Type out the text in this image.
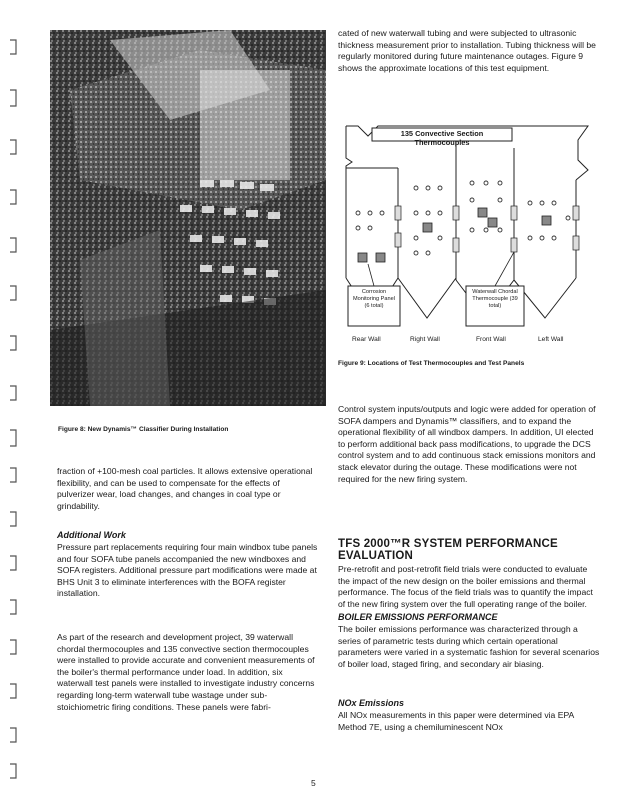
Figure 8: New Dynamis™ Classifier During Installation

fraction of +100-mesh coal particles. It allows extensive operational flexibility, and can be used to compensate for the effects of pulverizer wear, load changes, and changes in coal type or grindability.

Additional Work

Pressure part replacements requiring four main windbox tube panels and four SOFA tube panels accompanied the new windboxes and SOFA registers. Additional pressure part modifications were made at BHS Unit 3 to eliminate interferences with the BOFA register installation.

As part of the research and development project, 39 waterwall chordal thermocouples and 135 convective section thermocouples were installed to provide accurate and convenient measurements of the boiler's thermal performance under load. In addition, six waterwall test panels were installed to investigate industry concerns regarding long-term waterwall tube wastage under sub-stoichiometric firing conditions. These panels were fabri-

cated of new waterwall tubing and were subjected to ultrasonic thickness measurement prior to installation. Tubing thickness will be regularly monitored during future maintenance outages. Figure 9 shows the approximate locations of this test equipment.

135 Convective Section Thermocouples
Corrosion Monitoring Panel (6 total)
Waterwall Chordal Thermocouple (39 total)
Rear Wall	Right Wall	Front Wall	Left Wall
Figure 9: Locations of Test Thermocouples and Test Panels

Control system inputs/outputs and logic were added for operation of SOFA dampers and Dynamis™ classifiers, and to expand the operational flexibility of all windbox dampers. In addition, UI elected to perform additional back pass modifications, to upgrade the DCS control system and to add continuous stack emissions monitors and stack elevator during the outage. These modifications were not required for the new firing system.

TFS 2000™R SYSTEM PERFORMANCE EVALUATION

Pre-retrofit and post-retrofit field trials were conducted to evaluate the impact of the new design on the boiler emissions and thermal performance. The focus of the field trials was to quantify the impact of the new firing system over the full operating range of the boiler.

BOILER EMISSIONS PERFORMANCE

The boiler emissions performance was characterized through a series of parametric tests during which certain operational parameters were varied in a systematic fashion for several scenarios of boiler load, staged firing, and secondary air biasing.

NOx Emissions

All NOx measurements in this paper were determined via EPA Method 7E, using a chemiluminescent NOx

5
